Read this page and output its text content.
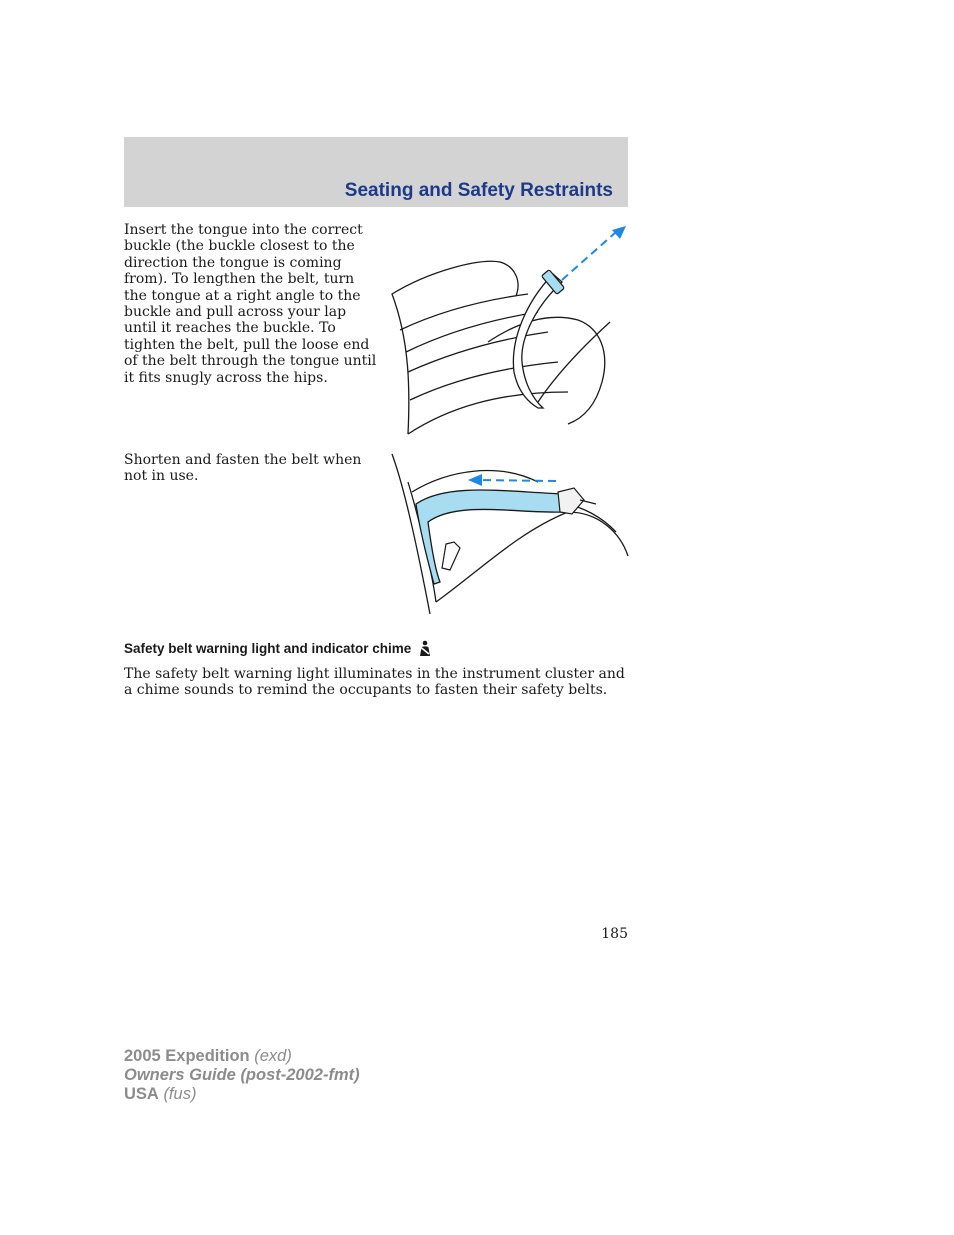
Seating and Safety Restraints

Insert the tongue into the correct buckle (the buckle closest to the direction the tongue is coming from). To lengthen the belt, turn the tongue at a right angle to the buckle and pull across your lap until it reaches the buckle. To tighten the belt, pull the loose end of the belt through the tongue until it fits snugly across the hips.

Shorten and fasten the belt when not in use.

Safety belt warning light and indicator chime

The safety belt warning light illuminates in the instrument cluster and a chime sounds to remind the occupants to fasten their safety belts.

185
2005 Expedition (exd)
Owners Guide (post-2002-fmt)
USA (fus)
